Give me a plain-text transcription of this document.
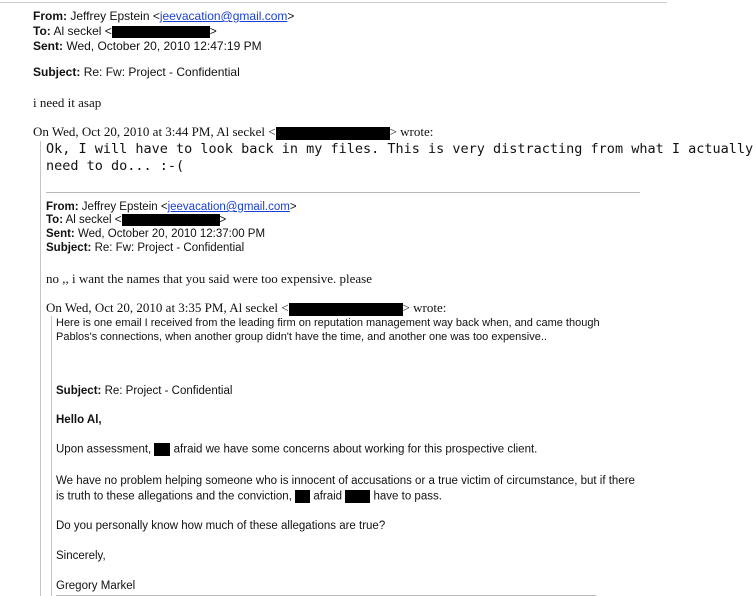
From: Jeffrey Epstein <jeevacation@gmail.com>
To: Al seckel <	>
Sent: Wed, October 20, 2010 12:47:19 PM
Subject: Re: Fw: Project - Confidential
i need it asap
On Wed, Oct 20, 2010 at 3:44 PM, Al seckel <	> wrote:
Ok, I will have to look back in my files. This is very distracting from what I actually
need to do... :-(
From: Jeffrey Epstein <jeevacation@gmail.com>
To: Al seckel <	>
Sent: Wed, October 20, 2010 12:37:00 PM
Subject: Re: Fw: Project - Confidential
no ,, i want the names that you said were too expensive. please
On Wed, Oct 20, 2010 at 3:35 PM, Al seckel <	> wrote:
Here is one email I received from the leading firm on reputation management way back when, and came though
Pablos's connections, when another group didn't have the time, and another one was too expensive..
Subject: Re: Project - Confidential
Hello Al,
Upon assessment, afraid we have some concerns about working for this prospective client.
We have no problem helping someone who is innocent of accusations or a true victim of circumstance, but if there
is truth to these allegations and the conviction, afraid	have to pass.
Do you personally know how much of these allegations are true?
Sincerely,
Gregory Markel
